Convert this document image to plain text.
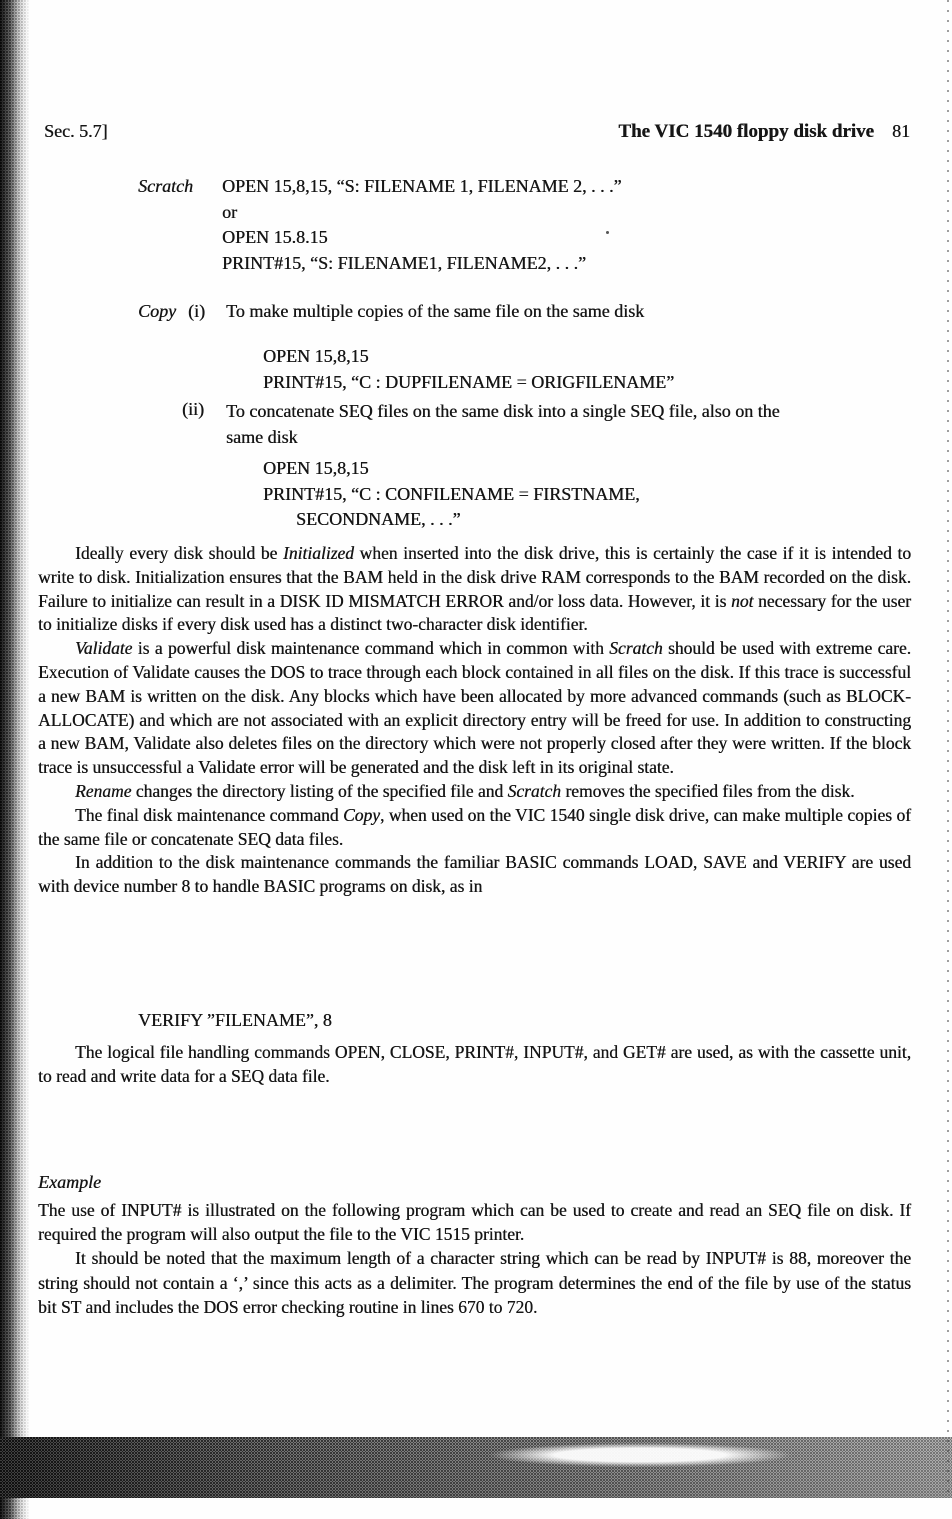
Sec. 5.7]	The VIC 1540 floppy disk drive 81
Scratch OPEN 15,8,15, “S: FILENAME 1, FILENAME 2, . . .”
or
OPEN 15.8.15
PRINT#15, “S: FILENAME1, FILENAME2, . . .”
Copy (i) To make multiple copies of the same file on the same disk
OPEN 15,8,15
PRINT#15, “C : DUPFILENAME = ORIGFILENAME”
(ii) To concatenate SEQ files on the same disk into a single SEQ file, also on the same disk
OPEN 15,8,15
PRINT#15, “C : CONFILENAME = FIRSTNAME,
SECONDNAME, . . .”

Ideally every disk should be Initialized when inserted into the disk drive, this is certainly the case if it is intended to write to disk. Initialization ensures that the BAM held in the disk drive RAM corresponds to the BAM recorded on the disk. Failure to initialize can result in a DISK ID MISMATCH ERROR and/or loss data. However, it is not necessary for the user to initialize disks if every disk used has a distinct two-character disk identifier.

Validate is a powerful disk maintenance command which in common with Scratch should be used with extreme care. Execution of Validate causes the DOS to trace through each block contained in all files on the disk. If this trace is successful a new BAM is written on the disk. Any blocks which have been allocated by more advanced commands (such as BLOCK-ALLOCATE) and which are not associated with an explicit directory entry will be freed for use. In addition to constructing a new BAM, Validate also deletes files on the directory which were not properly closed after they were written. If the block trace is unsuccessful a Validate error will be generated and the disk left in its original state.

Rename changes the directory listing of the specified file and Scratch removes the specified files from the disk.

The final disk maintenance command Copy, when used on the VIC 1540 single disk drive, can make multiple copies of the same file or concatenate SEQ data files.

In addition to the disk maintenance commands the familiar BASIC commands LOAD, SAVE and VERIFY are used with device number 8 to handle BASIC programs on disk, as in

VERIFY ”FILENAME”, 8

The logical file handling commands OPEN, CLOSE, PRINT#, INPUT#, and GET# are used, as with the cassette unit, to read and write data for a SEQ data file.

Example

The use of INPUT# is illustrated on the following program which can be used to create and read an SEQ file on disk. If required the program will also output the file to the VIC 1515 printer.

It should be noted that the maximum length of a character string which can be read by INPUT# is 88, moreover the string should not contain a ‘,’ since this acts as a delimiter. The program determines the end of the file by use of the status bit ST and includes the DOS error checking routine in lines 670 to 720.
